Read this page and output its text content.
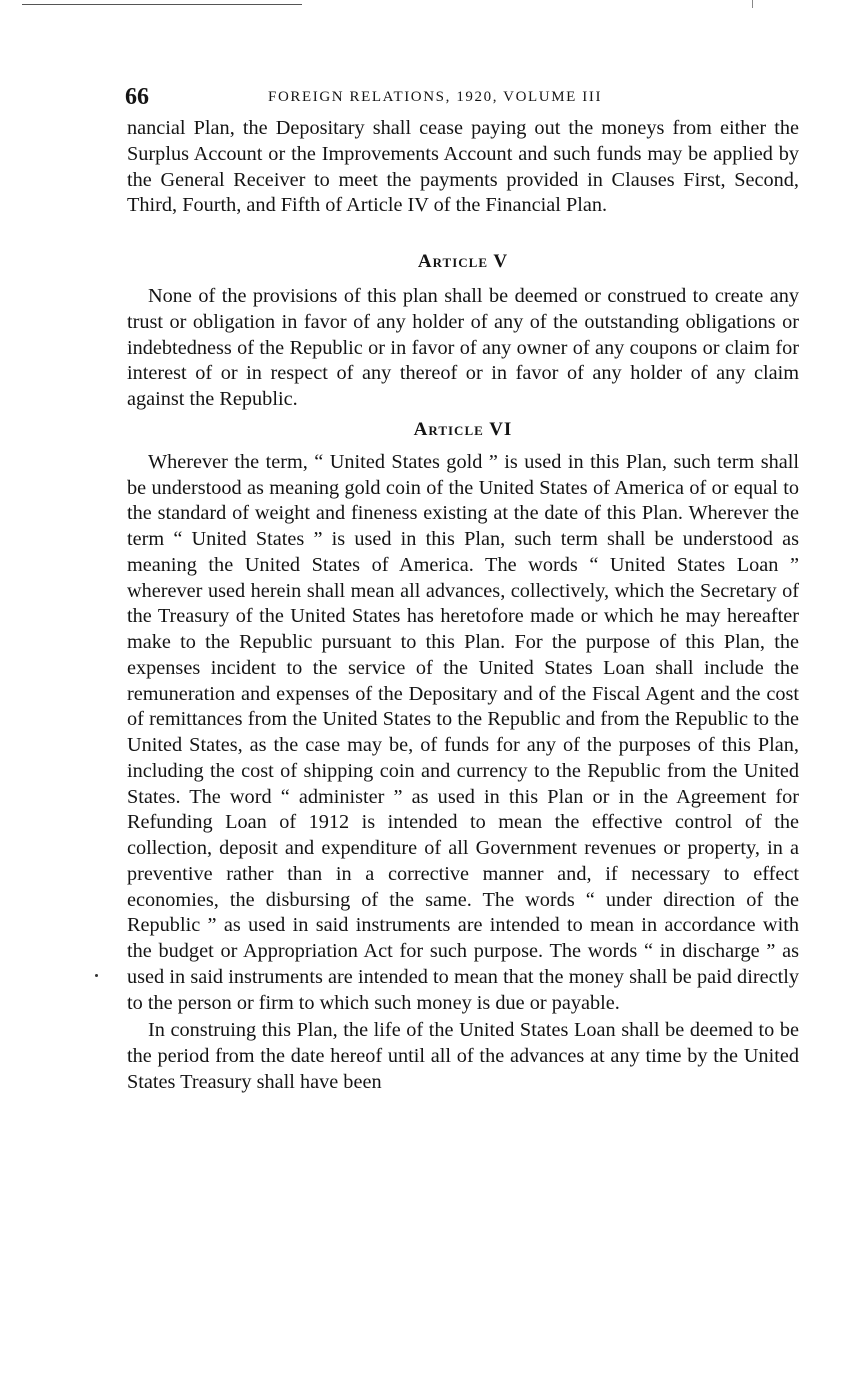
66	FOREIGN RELATIONS, 1920, VOLUME III

nancial Plan, the Depositary shall cease paying out the moneys from either the Surplus Account or the Improvements Account and such funds may be applied by the General Receiver to meet the payments provided in Clauses First, Second, Third, Fourth, and Fifth of Article IV of the Financial Plan.

Article V

None of the provisions of this plan shall be deemed or construed to create any trust or obligation in favor of any holder of any of the outstanding obligations or indebtedness of the Republic or in favor of any owner of any coupons or claim for interest of or in respect of any thereof or in favor of any holder of any claim against the Republic.

Article VI

Wherever the term, “ United States gold ” is used in this Plan, such term shall be understood as meaning gold coin of the United States of America of or equal to the standard of weight and fineness existing at the date of this Plan. Wherever the term “ United States ” is used in this Plan, such term shall be understood as meaning the United States of America. The words “ United States Loan ” wherever used herein shall mean all advances, collectively, which the Secretary of the Treasury of the United States has heretofore made or which he may hereafter make to the Republic pursuant to this Plan. For the purpose of this Plan, the expenses incident to the service of the United States Loan shall include the remuneration and expenses of the Depositary and of the Fiscal Agent and the cost of remittances from the United States to the Republic and from the Republic to the United States, as the case may be, of funds for any of the purposes of this Plan, including the cost of shipping coin and currency to the Republic from the United States. The word “ administer ” as used in this Plan or in the Agreement for Refunding Loan of 1912 is intended to mean the effective control of the collection, deposit and expenditure of all Government revenues or property, in a preventive rather than in a corrective manner and, if necessary to effect economies, the disbursing of the same. The words “ under direction of the Republic ” as used in said instruments are intended to mean in accordance with the budget or Appropriation Act for such purpose. The words “ in discharge ” as used in said instruments are intended to mean that the money shall be paid directly to the person or firm to which such money is due or payable.

In construing this Plan, the life of the United States Loan shall be deemed to be the period from the date hereof until all of the advances at any time by the United States Treasury shall have been
